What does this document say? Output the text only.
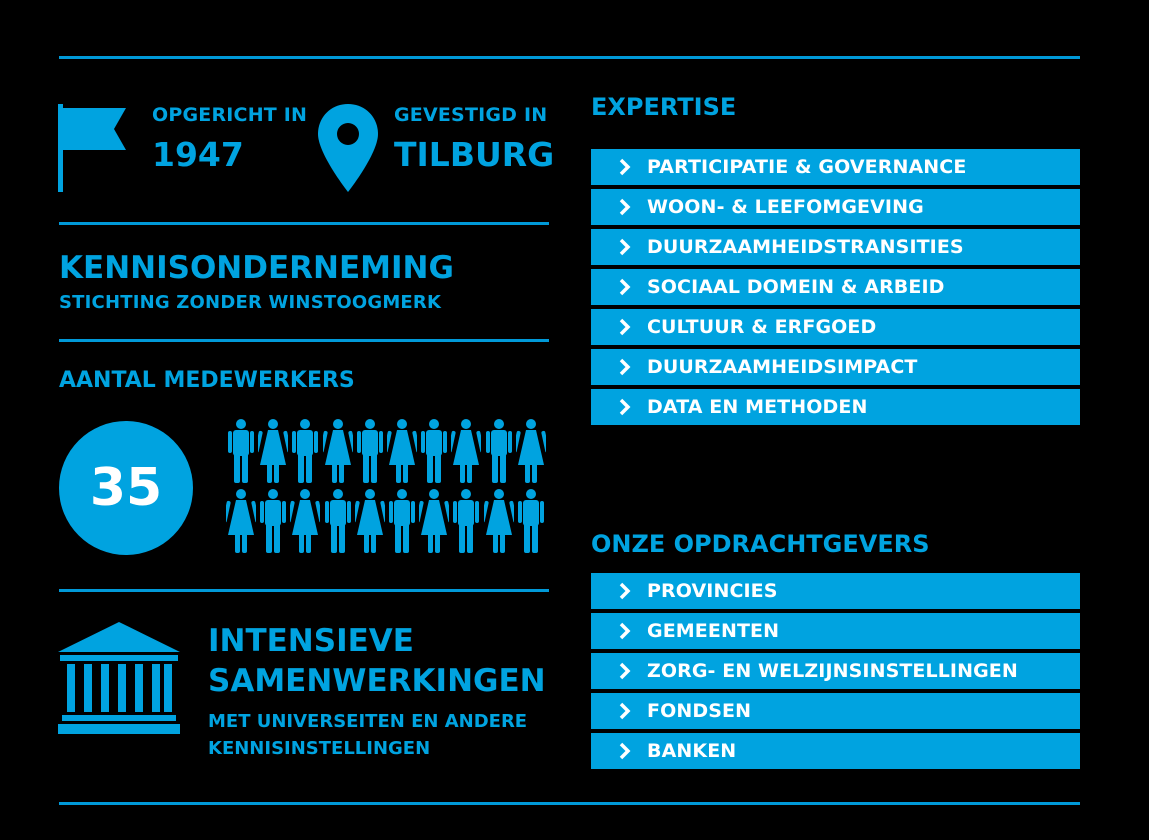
OPGERICHT IN
1947
GEVESTIGD IN
TILBURG
KENNISONDERNEMING
STICHTING ZONDER WINSTOOGMERK
AANTAL MEDEWERKERS
35
INTENSIEVE
SAMENWERKINGEN
MET UNIVERSEITEN EN ANDERE
KENNISINSTELLINGEN
EXPERTISE
PARTICIPATIE & GOVERNANCE
WOON- & LEEFOMGEVING
DUURZAAMHEIDSTRANSITIES
SOCIAAL DOMEIN & ARBEID
CULTUUR & ERFGOED
DUURZAAMHEIDSIMPACT
DATA EN METHODEN
ONZE OPDRACHTGEVERS
PROVINCIES
GEMEENTEN
ZORG- EN WELZIJNSINSTELLINGEN
FONDSEN
BANKEN
